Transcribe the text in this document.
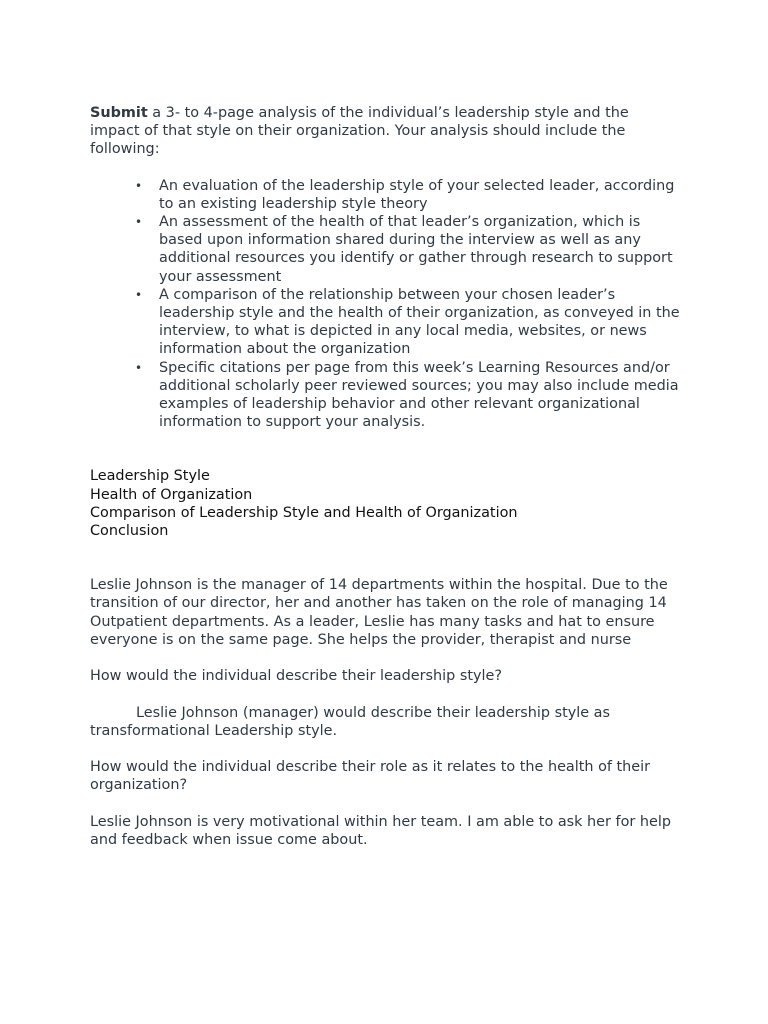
Submit a 3- to 4-page analysis of the individual’s leadership style and the impact of that style on their organization. Your analysis should include the following:

• An evaluation of the leadership style of your selected leader, according to an existing leadership style theory
• An assessment of the health of that leader’s organization, which is based upon information shared during the interview as well as any additional resources you identify or gather through research to support your assessment
• A comparison of the relationship between your chosen leader’s leadership style and the health of their organization, as conveyed in the interview, to what is depicted in any local media, websites, or news information about the organization
• Specific citations per page from this week’s Learning Resources and/or additional scholarly peer reviewed sources; you may also include media examples of leadership behavior and other relevant organizational information to support your analysis.
Leadership Style
Health of Organization
Comparison of Leadership Style and Health of Organization
Conclusion

Leslie Johnson is the manager of 14 departments within the hospital. Due to the transition of our director, her and another has taken on the role of managing 14 Outpatient departments. As a leader, Leslie has many tasks and hat to ensure everyone is on the same page. She helps the provider, therapist and nurse

How would the individual describe their leadership style?

Leslie Johnson (manager) would describe their leadership style as transformational Leadership style.

How would the individual describe their role as it relates to the health of their organization?

Leslie Johnson is very motivational within her team. I am able to ask her for help and feedback when issue come about.
